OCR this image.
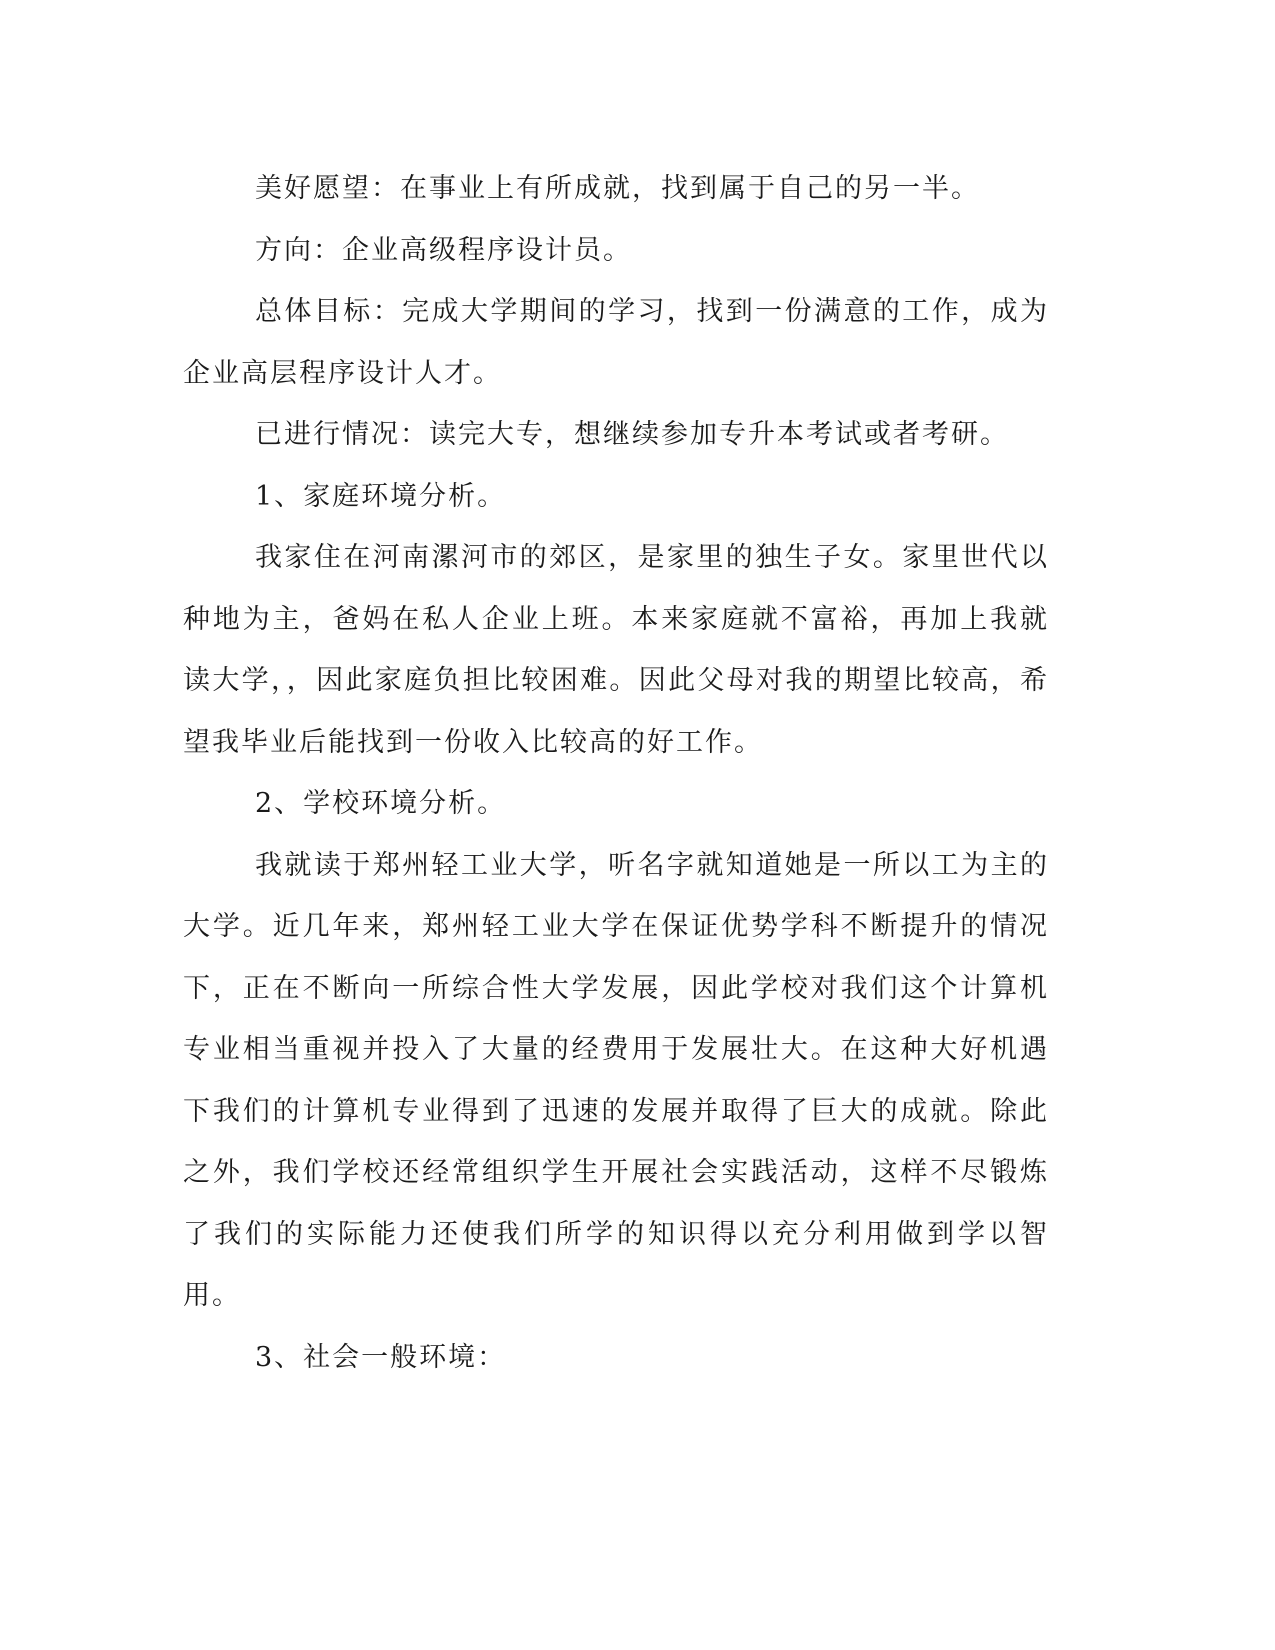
美好愿望：在事业上有所成就，找到属于自己的另一半。

方向：企业高级程序设计员。

总体目标：完成大学期间的学习，找到一份满意的工作，成为企业高层程序设计人才。

已进行情况：读完大专，想继续参加专升本考试或者考研。

1、家庭环境分析。

我家住在河南漯河市的郊区，是家里的独生子女。家里世代以种地为主，爸妈在私人企业上班。本来家庭就不富裕，再加上我就读大学，，因此家庭负担比较困难。因此父母对我的期望比较高，希望我毕业后能找到一份收入比较高的好工作。

2、学校环境分析。

我就读于郑州轻工业大学，听名字就知道她是一所以工为主的大学。近几年来，郑州轻工业大学在保证优势学科不断提升的情况下，正在不断向一所综合性大学发展，因此学校对我们这个计算机专业相当重视并投入了大量的经费用于发展壮大。在这种大好机遇下我们的计算机专业得到了迅速的发展并取得了巨大的成就。除此之外，我们学校还经常组织学生开展社会实践活动，这样不尽锻炼了我们的实际能力还使我们所学的知识得以充分利用做到学以智用。

3、社会一般环境：
